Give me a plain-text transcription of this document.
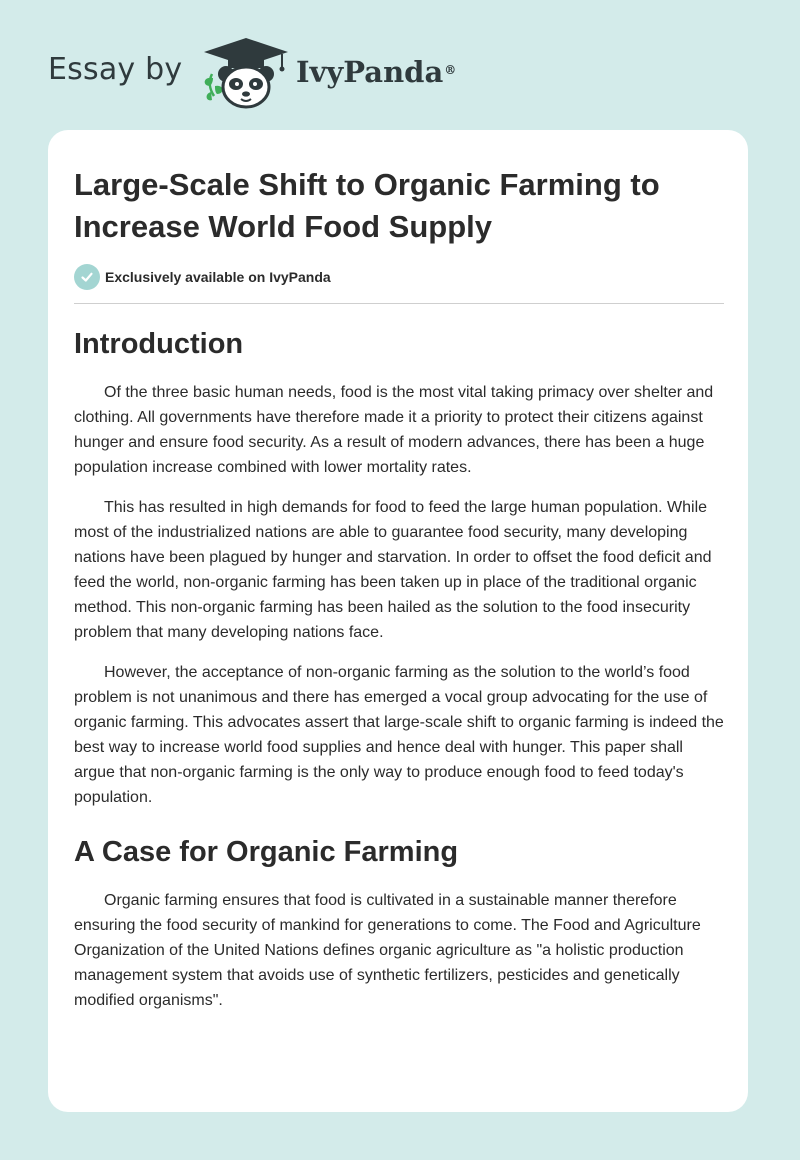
Essay by	IvyPanda®
Large-Scale Shift to Organic Farming to Increase World Food Supply
Exclusively available on IvyPanda
Introduction

Of the three basic human needs, food is the most vital taking primacy over shelter and clothing. All governments have therefore made it a priority to protect their citizens against hunger and ensure food security. As a result of modern advances, there has been a huge population increase combined with lower mortality rates.

This has resulted in high demands for food to feed the large human population. While most of the industrialized nations are able to guarantee food security, many developing nations have been plagued by hunger and starvation. In order to offset the food deficit and feed the world, non-organic farming has been taken up in place of the traditional organic method. This non-organic farming has been hailed as the solution to the food insecurity problem that many developing nations face.

However, the acceptance of non-organic farming as the solution to the world’s food problem is not unanimous and there has emerged a vocal group advocating for the use of organic farming. This advocates assert that large-scale shift to organic farming is indeed the best way to increase world food supplies and hence deal with hunger. This paper shall argue that non-organic farming is the only way to produce enough food to feed today's population.

A Case for Organic Farming

Organic farming ensures that food is cultivated in a sustainable manner therefore ensuring the food security of mankind for generations to come. The Food and Agriculture Organization of the United Nations defines organic agriculture as "a holistic production management system that avoids use of synthetic fertilizers, pesticides and genetically modified organisms".
